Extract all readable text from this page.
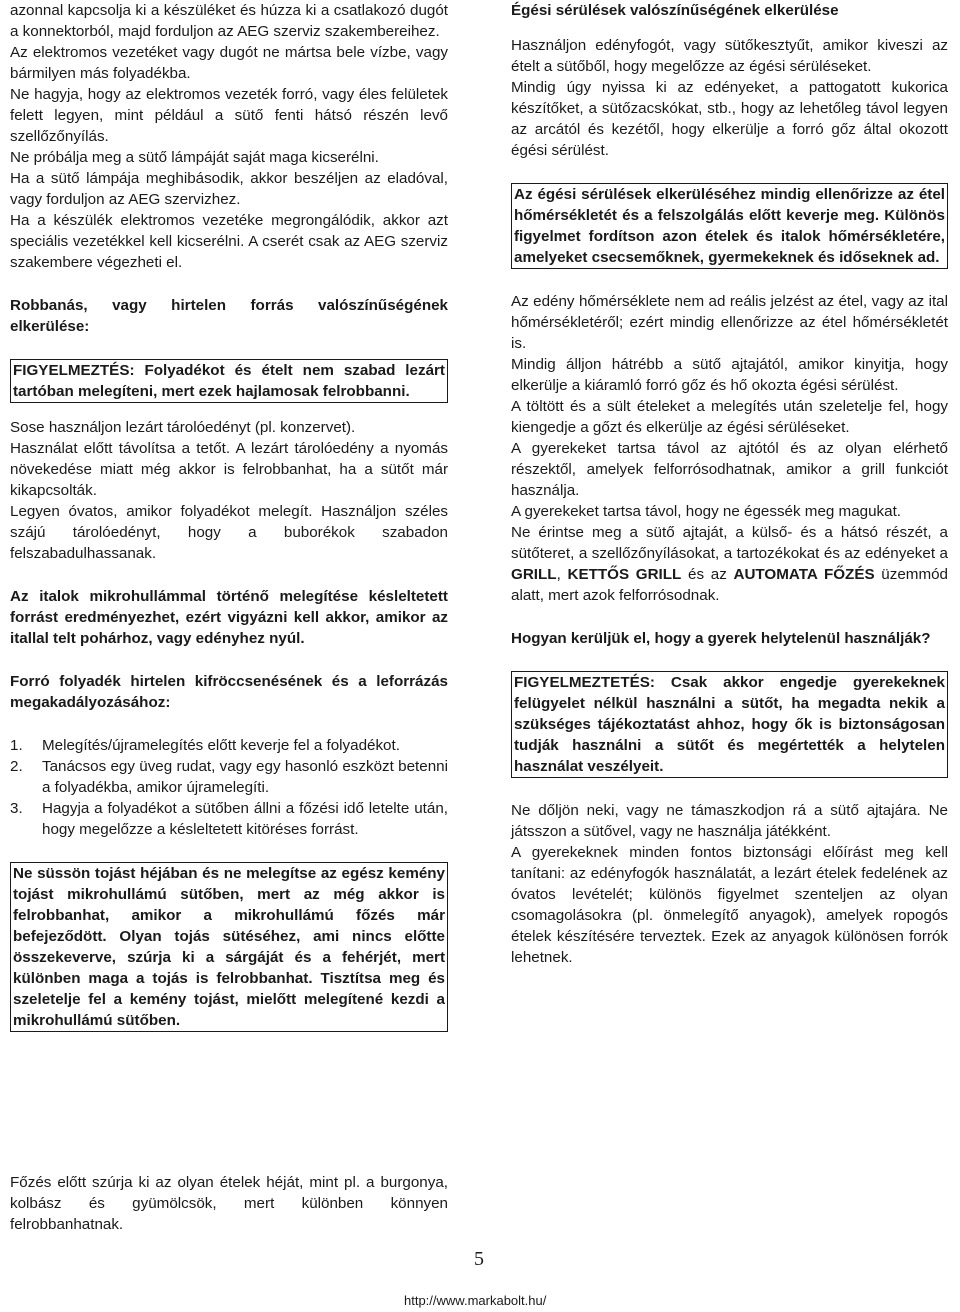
azonnal kapcsolja ki a készüléket és húzza ki a csatlakozó dugót a konnektorból, majd forduljon az AEG szerviz szakembereihez.

Az elektromos vezetéket vagy dugót ne mártsa bele vízbe, vagy bármilyen más folyadékba.

Ne hagyja, hogy az elektromos vezeték forró, vagy éles felületek felett legyen, mint például a sütő fenti hátsó részén levő szellőzőnyílás.

Ne próbálja meg a sütő lámpáját saját maga kicserélni.

Ha a sütő lámpája meghibásodik, akkor beszéljen az eladóval, vagy forduljon az AEG szervizhez.

Ha a készülék elektromos vezetéke megrongálódik, akkor azt speciális vezetékkel kell kicserélni. A cserét csak az AEG szerviz szakembere végezheti el.

Robbanás, vagy hirtelen forrás valószínűségének elkerülése:

FIGYELMEZTÉS: Folyadékot és ételt nem szabad lezárt tartóban melegíteni, mert ezek hajlamosak felrobbanni.

Sose használjon lezárt tárolóedényt (pl. konzervet).

Használat előtt távolítsa a tetőt. A lezárt tárolóedény a nyomás növekedése miatt még akkor is felrobbanhat, ha a sütőt már kikapcsolták.

Legyen óvatos, amikor folyadékot melegít. Használjon széles szájú tárolóedényt, hogy a buborékok szabadon felszabadulhassanak.

Az italok mikrohullámmal történő melegítése késleltetett forrást eredményezhet, ezért vigyázni kell akkor, amikor az itallal telt pohárhoz, vagy edényhez nyúl.

Forró folyadék hirtelen kifröccsenésének és a leforrázás megakadályozásához:

1. Melegítés/újramelegítés előtt keverje fel a folyadékot.
2. Tanácsos egy üveg rudat, vagy egy hasonló eszközt betenni a folyadékba, amikor újramelegíti.
3. Hagyja a folyadékot a sütőben állni a főzési idő letelte után, hogy megelőzze a késleltetett kitöréses forrást.

Ne süssön tojást héjában és ne melegítse az egész kemény tojást mikrohullámú sütőben, mert az még akkor is felrobbanhat, amikor a mikrohullámú főzés már befejeződött. Olyan tojás sütéséhez, ami nincs előtte összekeverve, szúrja ki a sárgáját és a fehérjét, mert különben maga a tojás is felrobbanhat. Tisztítsa meg és szeletelje fel a kemény tojást, mielőtt melegítené kezdi a mikrohullámú sütőben.

Főzés előtt szúrja ki az olyan ételek héját, mint pl. a burgonya, kolbász és gyümölcsök, mert különben könnyen felrobbanhatnak.

Égési sérülések valószínűségének elkerülése

Használjon edényfogót, vagy sütőkesztyűt, amikor kiveszi az ételt a sütőből, hogy megelőzze az égési sérüléseket.

Mindig úgy nyissa ki az edényeket, a pattogatott kukorica készítőket, a sütőzacskókat, stb., hogy az lehetőleg távol legyen az arcától és kezétől, hogy elkerülje a forró gőz által okozott égési sérülést.

Az égési sérülések elkerüléséhez mindig ellenőrizze az étel hőmérsékletét és a felszolgálás előtt keverje meg. Különös figyelmet fordítson azon ételek és italok hőmérsékletére, amelyeket csecsemőknek, gyermekeknek és időseknek ad.

Az edény hőmérséklete nem ad reális jelzést az étel, vagy az ital hőmérsékletéről; ezért mindig ellenőrizze az étel hőmérsékletét is.

Mindig álljon hátrébb a sütő ajtajától, amikor kinyitja, hogy elkerülje a kiáramló forró gőz és hő okozta égési sérülést.

A töltött és a sült ételeket a melegítés után szeletelje fel, hogy kiengedje a gőzt és elkerülje az égési sérüléseket.

A gyerekeket tartsa távol az ajtótól és az olyan elérhető részektől, amelyek felforrósodhatnak, amikor a grill funkciót használja.

A gyerekeket tartsa távol, hogy ne égessék meg magukat.

Ne érintse meg a sütő ajtaját, a külső- és a hátsó részét, a sütőteret, a szellőzőnyílásokat, a tartozékokat és az edényeket a GRILL, KETTŐS GRILL és az AUTOMATA FŐZÉS üzemmód alatt, mert azok felforrósodnak.

Hogyan kerüljük el, hogy a gyerek helytelenül használják?

FIGYELMEZTETÉS: Csak akkor engedje gyerekeknek felügyelet nélkül használni a sütőt, ha megadta nekik a szükséges tájékoztatást ahhoz, hogy ők is biztonságosan tudják használni a sütőt és megértették a helytelen használat veszélyeit.

Ne dőljön neki, vagy ne támaszkodjon rá a sütő ajtajára. Ne játsszon a sütővel, vagy ne használja játékként.

A gyerekeknek minden fontos biztonsági előírást meg kell tanítani: az edényfogók használatát, a lezárt ételek fedelének az óvatos levételét; különös figyelmet szenteljen az olyan csomagolásokra (pl. önmelegítő anyagok), amelyek ropogós ételek készítésére terveztek. Ezek az anyagok különösen forrók lehetnek.

5
http://www.markabolt.hu/
